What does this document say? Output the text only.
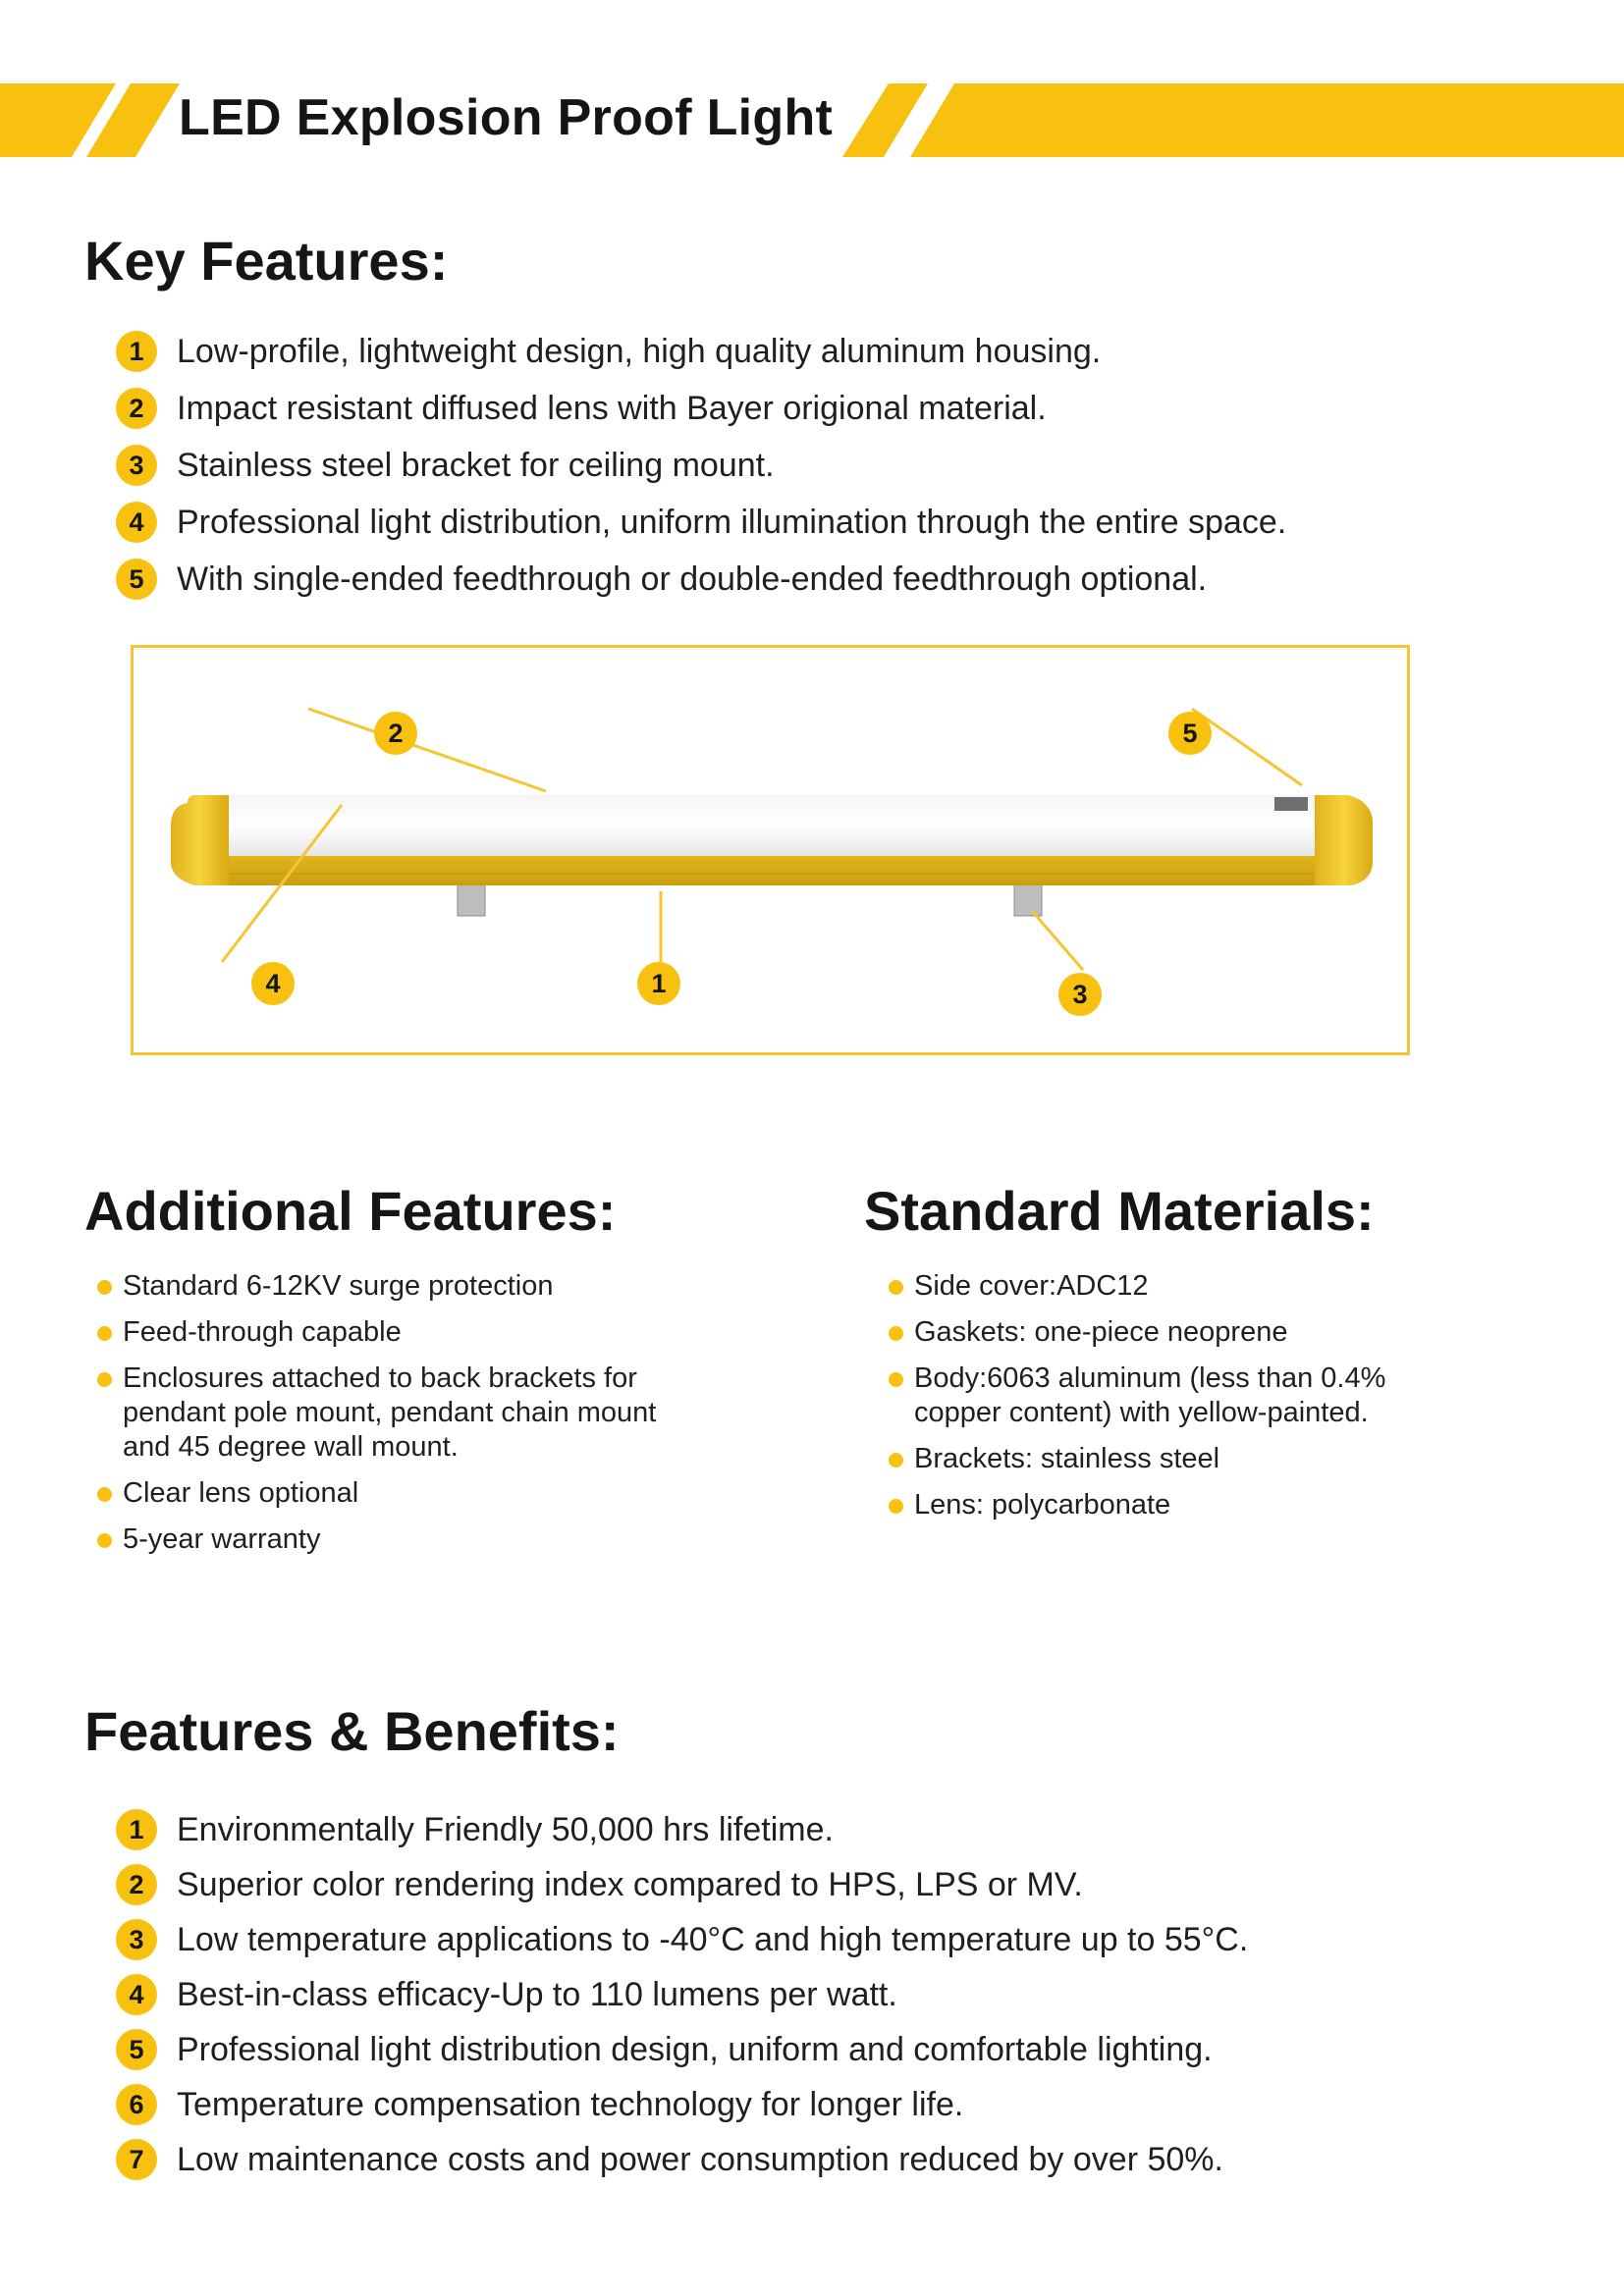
LED Explosion Proof Light
Key Features:
1 Low-profile, lightweight design, high quality aluminum housing.
2 Impact resistant diffused lens with Bayer origional material.
3 Stainless steel bracket for ceiling mount.
4 Professional light distribution, uniform illumination through the entire space.
5 With single-ended feedthrough or double-ended feedthrough optional.
2	5
4	1	3
Additional Features:
Standard 6-12KV surge protection
Feed-through capable
Enclosures attached to back brackets for pendant pole mount, pendant chain mount and 45 degree wall mount.
Clear lens optional
5-year warranty
Standard Materials:
Side cover:ADC12
Gaskets: one-piece neoprene
Body:6063 aluminum (less than 0.4% copper content) with yellow-painted.
Brackets: stainless steel
Lens: polycarbonate
Features & Benefits:
1 Environmentally Friendly 50,000 hrs lifetime.
2 Superior color rendering index compared to HPS, LPS or MV.
3 Low temperature applications to -40°C and high temperature up to 55°C.
4 Best-in-class efficacy-Up to 110 lumens per watt.
5 Professional light distribution design, uniform and comfortable lighting.
6 Temperature compensation technology for longer life.
7 Low maintenance costs and power consumption reduced by over 50%.
